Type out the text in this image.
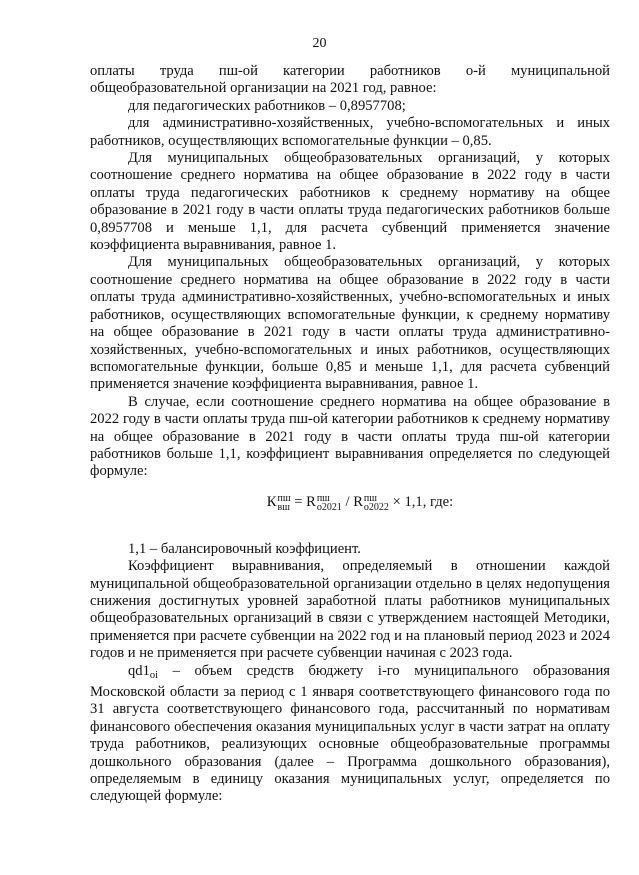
20

оплаты труда пш-ой категории работников о-й муниципальной общеобразовательной организации на 2021 год, равное:

для педагогических работников – 0,8957708;

для административно-хозяйственных, учебно-вспомогательных и иных работников, осуществляющих вспомогательные функции – 0,85.

Для муниципальных общеобразовательных организаций, у которых соотношение среднего норматива на общее образование в 2022 году в части оплаты труда педагогических работников к среднему нормативу на общее образование в 2021 году в части оплаты труда педагогических работников больше 0,8957708 и меньше 1,1, для расчета субвенций применяется значение коэффициента выравнивания, равное 1.

Для муниципальных общеобразовательных организаций, у которых соотношение среднего норматива на общее образование в 2022 году в части оплаты труда административно-хозяйственных, учебно-вспомогательных и иных работников, осуществляющих вспомогательные функции, к среднему нормативу на общее образование в 2021 году в части оплаты труда административно-хозяйственных, учебно-вспомогательных и иных работников, осуществляющих вспомогательные функции, больше 0,85 и меньше 1,1, для расчета субвенций применяется значение коэффициента выравнивания, равное 1.

В случае, если соотношение среднего норматива на общее образование в 2022 году в части оплаты труда пш-ой категории работников к среднему нормативу на общее образование в 2021 году в части оплаты труда пш-ой категории работников больше 1,1, коэффициент выравнивания определяется по следующей формуле:

К пш
вш = R пш
о2021 / R пш
о2022 × 1,1, где:

1,1 – балансировочный коэффициент.

Коэффициент выравнивания, определяемый в отношении каждой муниципальной общеобразовательной организации отдельно в целях недопущения снижения достигнутых уровней заработной платы работников муниципальных общеобразовательных организаций в связи с утверждением настоящей Методики, применяется при расчете субвенции на 2022 год и на плановый период 2023 и 2024 годов и не применяется при расчете субвенции начиная с 2023 года.

$qd1_{oi}$ – объем средств бюджету i-го муниципального образования Московской области за период с 1 января соответствующего финансового года по 31 августа соответствующего финансового года, рассчитанный по нормативам финансового обеспечения оказания муниципальных услуг в части затрат на оплату труда работников, реализующих основные общеобразовательные программы дошкольного образования (далее – Программа дошкольного образования), определяемым в единицу оказания муниципальных услуг, определяется по следующей формуле:
